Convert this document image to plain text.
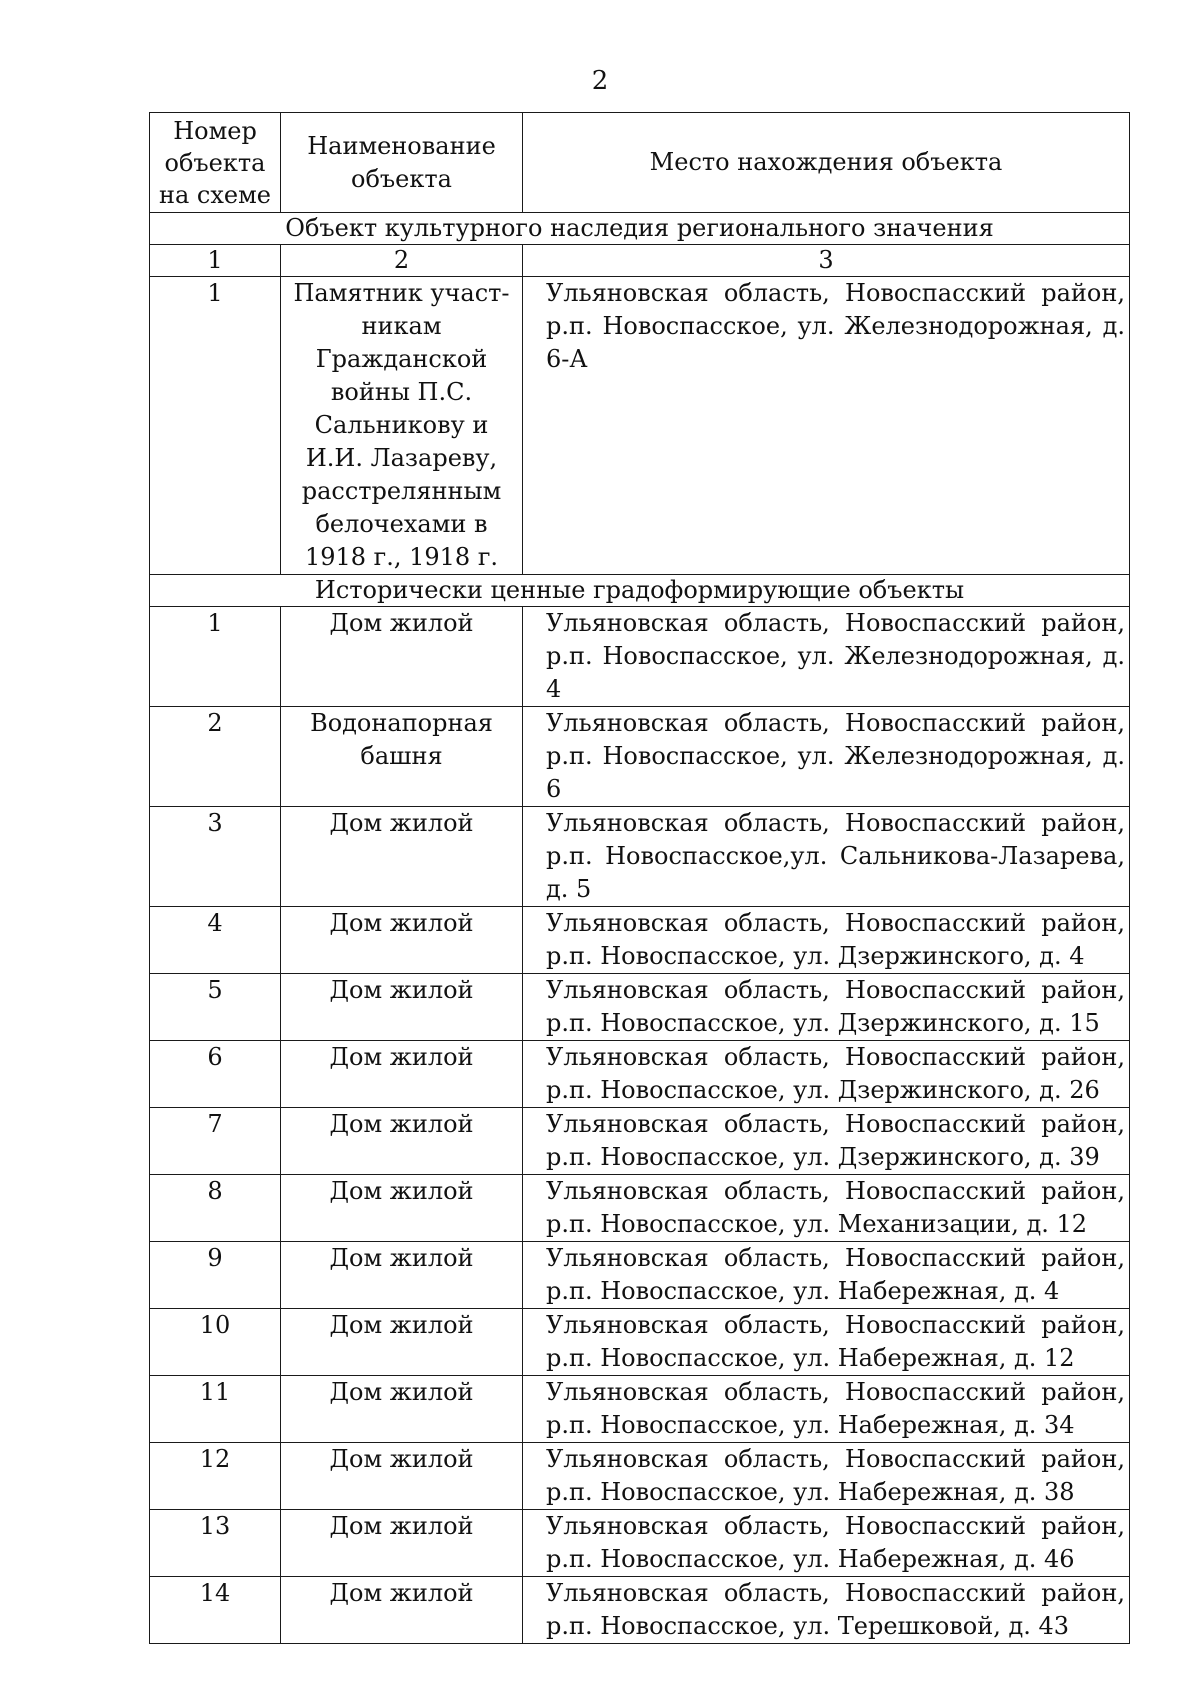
2
Номер объекта на схеме	Наименование объекта	Место нахождения объекта
Объект культурного наследия регионального значения		
1	2	3
1	Памятник участ-никам Гражданской войны П.С. Сальникову и И.И. Лазареву, расстрелянным белочехами в 1918 г., 1918 г.	Ульяновская область, Новоспасский район, р.п. Новоспасское, ул. Железнодорожная, д. 6-А
Исторически ценные градоформирующие объекты		
1	Дом жилой	Ульяновская область, Новоспасский район, р.п. Новоспасское, ул. Железнодорожная, д. 4
2	Водонапорная башня	Ульяновская область, Новоспасский район, р.п. Новоспасское, ул. Железнодорожная, д. 6
3	Дом жилой	Ульяновская область, Новоспасский район, р.п. Новоспасское,ул. Сальникова-Лазарева, д. 5
4	Дом жилой	Ульяновская область, Новоспасский район, р.п. Новоспасское, ул. Дзержинского, д. 4
5	Дом жилой	Ульяновская область, Новоспасский район, р.п. Новоспасское, ул. Дзержинского, д. 15
6	Дом жилой	Ульяновская область, Новоспасский район, р.п. Новоспасское, ул. Дзержинского, д. 26
7	Дом жилой	Ульяновская область, Новоспасский район, р.п. Новоспасское, ул. Дзержинского, д. 39
8	Дом жилой	Ульяновская область, Новоспасский район, р.п. Новоспасское, ул. Механизации, д. 12
9	Дом жилой	Ульяновская область, Новоспасский район, р.п. Новоспасское, ул. Набережная, д. 4
10	Дом жилой	Ульяновская область, Новоспасский район, р.п. Новоспасское, ул. Набережная, д. 12
11	Дом жилой	Ульяновская область, Новоспасский район, р.п. Новоспасское, ул. Набережная, д. 34
12	Дом жилой	Ульяновская область, Новоспасский район, р.п. Новоспасское, ул. Набережная, д. 38
13	Дом жилой	Ульяновская область, Новоспасский район, р.п. Новоспасское, ул. Набережная, д. 46
14	Дом жилой	Ульяновская область, Новоспасский район, р.п. Новоспасское, ул. Терешковой, д. 43
